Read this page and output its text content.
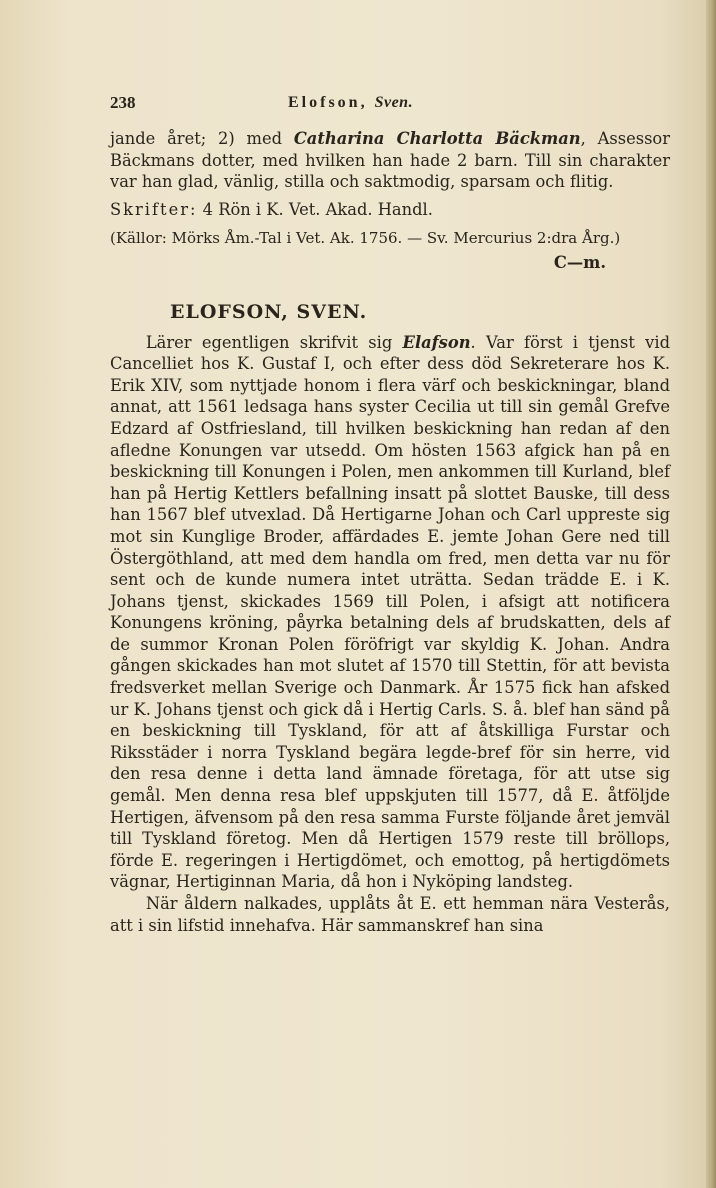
238	Elofson, Sven.

jande året; 2) med Catharina Charlotta Bäckman, Assessor Bäckmans dotter, med hvilken han hade 2 barn. Till sin charakter var han glad, vänlig, stilla och saktmodig, sparsam och flitig.

Skrifter: 4 Rön i K. Vet. Akad. Handl.

(Källor: Mörks Åm.-Tal i Vet. Ak. 1756. — Sv. Mercurius 2:dra Årg.)

C—m.

ELOFSON, SVEN.

Lärer egentligen skrifvit sig Elafson. Var först i tjenst vid Cancelliet hos K. Gustaf I, och efter dess död Sekreterare hos K. Erik XIV, som nyttjade honom i flera värf och beskickningar, bland annat, att 1561 ledsaga hans syster Cecilia ut till sin gemål Grefve Edzard af Ostfriesland, till hvilken beskickning han redan af den afledne Konungen var utsedd. Om hösten 1563 afgick han på en beskickning till Konungen i Polen, men ankommen till Kurland, blef han på Hertig Kettlers befallning insatt på slottet Bauske, till dess han 1567 blef utvexlad. Då Hertigarne Johan och Carl uppreste sig mot sin Kunglige Broder, affärdades E. jemte Johan Gere ned till Östergöthland, att med dem handla om fred, men detta var nu för sent och de kunde numera intet uträtta. Sedan trädde E. i K. Johans tjenst, skickades 1569 till Polen, i afsigt att notificera Konungens kröning, påyrka betalning dels af brudskatten, dels af de summor Kronan Polen föröfrigt var skyldig K. Johan. Andra gången skickades han mot slutet af 1570 till Stettin, för att bevista fredsverket mellan Sverige och Danmark. År 1575 fick han afsked ur K. Johans tjenst och gick då i Hertig Carls. S. å. blef han sänd på en beskickning till Tyskland, för att af åtskilliga Furstar och Riksstäder i norra Tyskland begära legde-bref för sin herre, vid den resa denne i detta land ämnade företaga, för att utse sig gemål. Men denna resa blef uppskjuten till 1577, då E. åtföljde Hertigen, äfvensom på den resa samma Furste följande året jemväl till Tyskland företog. Men då Hertigen 1579 reste till bröllops, förde E. regeringen i Hertigdömet, och emottog, på hertigdömets vägnar, Hertiginnan Maria, då hon i Nyköping landsteg.

När åldern nalkades, upplåts åt E. ett hemman nära Vesterås, att i sin lifstid innehafva. Här sammanskref han sina
